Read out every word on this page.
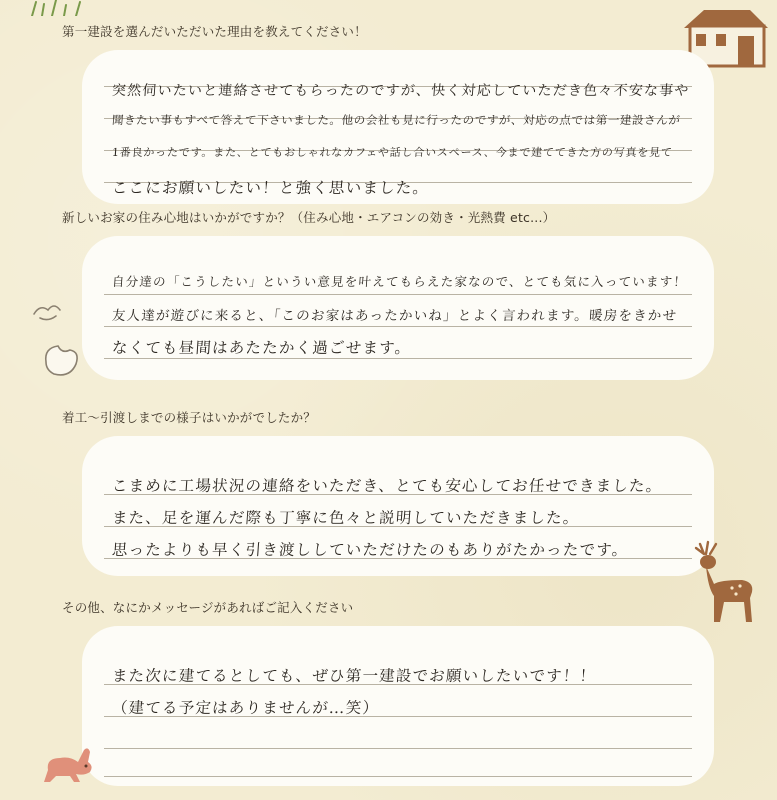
第一建設を選んだいただいた理由を教えてください！
突然伺いたいと連絡させてもらったのですが、快く対応していただき色々不安な事や
聞きたい事もすべて答えて下さいました。他の会社も見に行ったのですが、対応の点では第一建設さんが
1番良かったです。また、とてもおしゃれなカフェや話し合いスペース、今まで建ててきた方の写真を見て
ここにお願いしたい！と強く思いました。
新しいお家の住み心地はいかがですか？（住み心地・エアコンの効き・光熱費 etc...）
自分達の「こうしたい」というい意見を叶えてもらえた家なので、とても気に入っています！
友人達が遊びに来ると、「このお家はあったかいね」とよく言われます。暖房をきかせ
なくても昼間はあたたかく過ごせます。
着工～引渡しまでの様子はいかがでしたか？
こまめに工場状況の連絡をいただき、とても安心してお任せできました。
また、足を運んだ際も丁寧に色々と説明していただきました。
思ったよりも早く引き渡ししていただけたのもありがたかったです。
その他、なにかメッセージがあればご記入ください
また次に建てるとしても、ぜひ第一建設でお願いしたいです！！
（建てる予定はありませんが…笑）
